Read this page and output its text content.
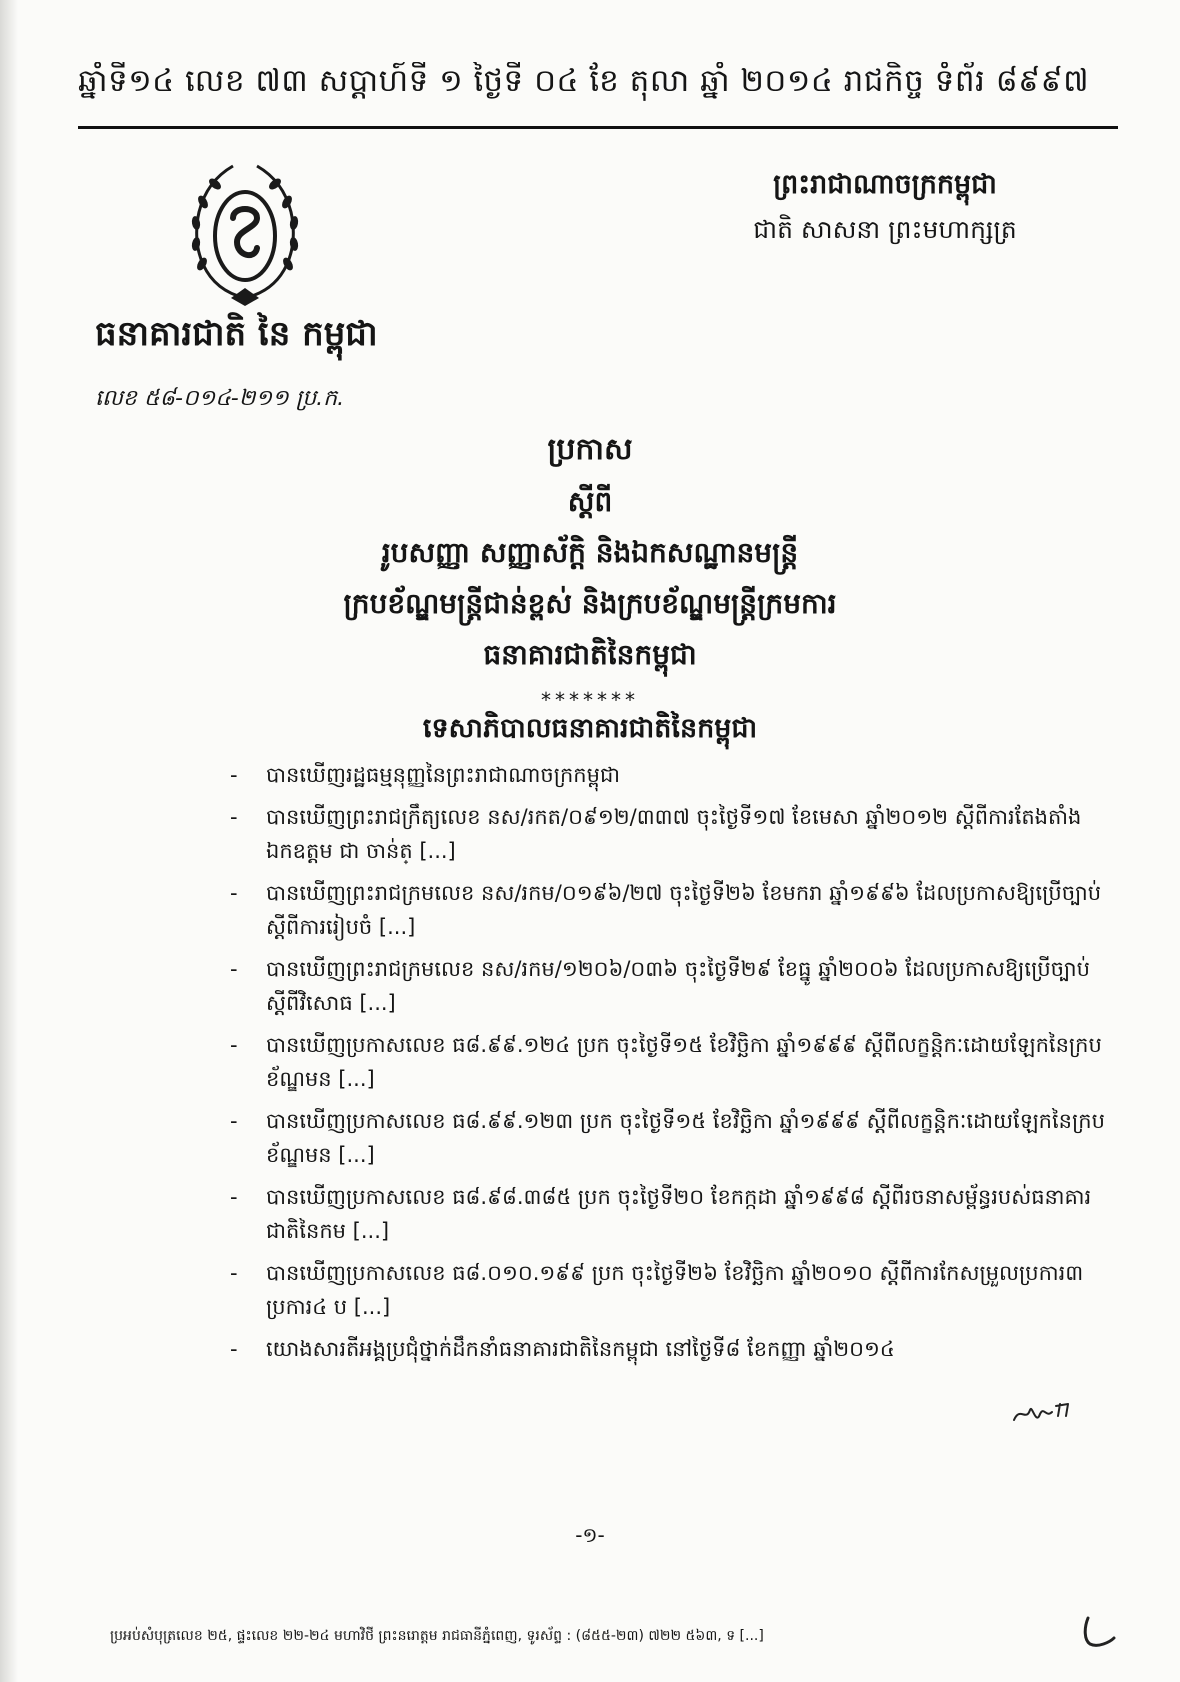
ឆ្នាំទី១៤ លេខ ៧៣ សប្តាហ៍ទី ១ ថ្ងៃទី ០៤ ខែ តុលា ឆ្នាំ ២០១៤ រាជកិច្ច ទំព័រ ៨៩៩៧
ធនាគារជាតិ នៃ កម្ពុជា
លេខ ៥៨-០១៤-២១១ ប្រ.ក.
ព្រះរាជាណាចក្រកម្ពុជា
ជាតិ សាសនា ព្រះមហាក្សត្រ
ប្រកាស
ស្តីពី
រូបសញ្ញា សញ្ញាស័ក្តិ និងឯកសណ្ឋានមន្ត្រី
ក្របខ័ណ្ឌមន្ត្រីជាន់ខ្ពស់ និងក្របខ័ណ្ឌមន្ត្រីក្រមការ
ធនាគារជាតិនៃកម្ពុជា
*******
ទេសាភិបាលធនាគារជាតិនៃកម្ពុជា
- បានឃើញរដ្ឋធម្មនុញ្ញនៃព្រះរាជាណាចក្រកម្ពុជា
- បានឃើញព្រះរាជក្រឹត្យលេខ នស/រកត/០៩១២/៣៣៧ ចុះថ្ងៃទី១៧ ខែមេសា ឆ្នាំ២០១២ ស្តីពីការតែងតាំង ឯកឧត្តម ជា ចាន់ត្ [...]
- បានឃើញព្រះរាជក្រមលេខ នស/រកម/០១៩៦/២៧ ចុះថ្ងៃទី២៦ ខែមករា ឆ្នាំ១៩៩៦ ដែលប្រកាសឱ្យប្រើច្បាប់ស្តីពីការរៀបចំ [...]
- បានឃើញព្រះរាជក្រមលេខ នស/រកម/១២០៦/០៣៦ ចុះថ្ងៃទី២៩ ខែធ្នូ ឆ្នាំ២០០៦ ដែលប្រកាសឱ្យប្រើច្បាប់ស្តីពីវិសោធ [...]
- បានឃើញប្រកាសលេខ ធ៨.៩៩.១២៤ ប្រក ចុះថ្ងៃទី១៥ ខែវិច្ឆិកា ឆ្នាំ១៩៩៩ ស្តីពីលក្ខន្តិកៈដោយឡែកនៃក្របខ័ណ្ឌមន [...]
- បានឃើញប្រកាសលេខ ធ៨.៩៩.១២៣ ប្រក ចុះថ្ងៃទី១៥ ខែវិច្ឆិកា ឆ្នាំ១៩៩៩ ស្តីពីលក្ខន្តិកៈដោយឡែកនៃក្របខ័ណ្ឌមន [...]
- បានឃើញប្រកាសលេខ ធ៨.៩៨.៣៨៥ ប្រក ចុះថ្ងៃទី២០ ខែកក្កដា ឆ្នាំ១៩៩៨ ស្តីពីរចនាសម្ព័ន្ធរបស់ធនាគារជាតិនៃកម [...]
- បានឃើញប្រកាសលេខ ធ៨.០១០.១៩៩ ប្រក ចុះថ្ងៃទី២៦ ខែវិច្ឆិកា ឆ្នាំ២០១០ ស្តីពីការកែសម្រួលប្រការ៣ ប្រការ៤ ប [...]
- យោងសារតីអង្គប្រជុំថ្នាក់ដឹកនាំធនាគារជាតិនៃកម្ពុជា នៅថ្ងៃទី៨ ខែកញ្ញា ឆ្នាំ២០១៤
-១-
ប្រអប់សំបុត្រលេខ ២៥, ផ្ទះលេខ ២២-២៤ មហាវិថី ព្រះនរោត្តម រាជធានីភ្នំពេញ, ទូរស័ព្ទ : (៨៥៥-២៣) ៧២២ ៥៦៣, ទ [...]
